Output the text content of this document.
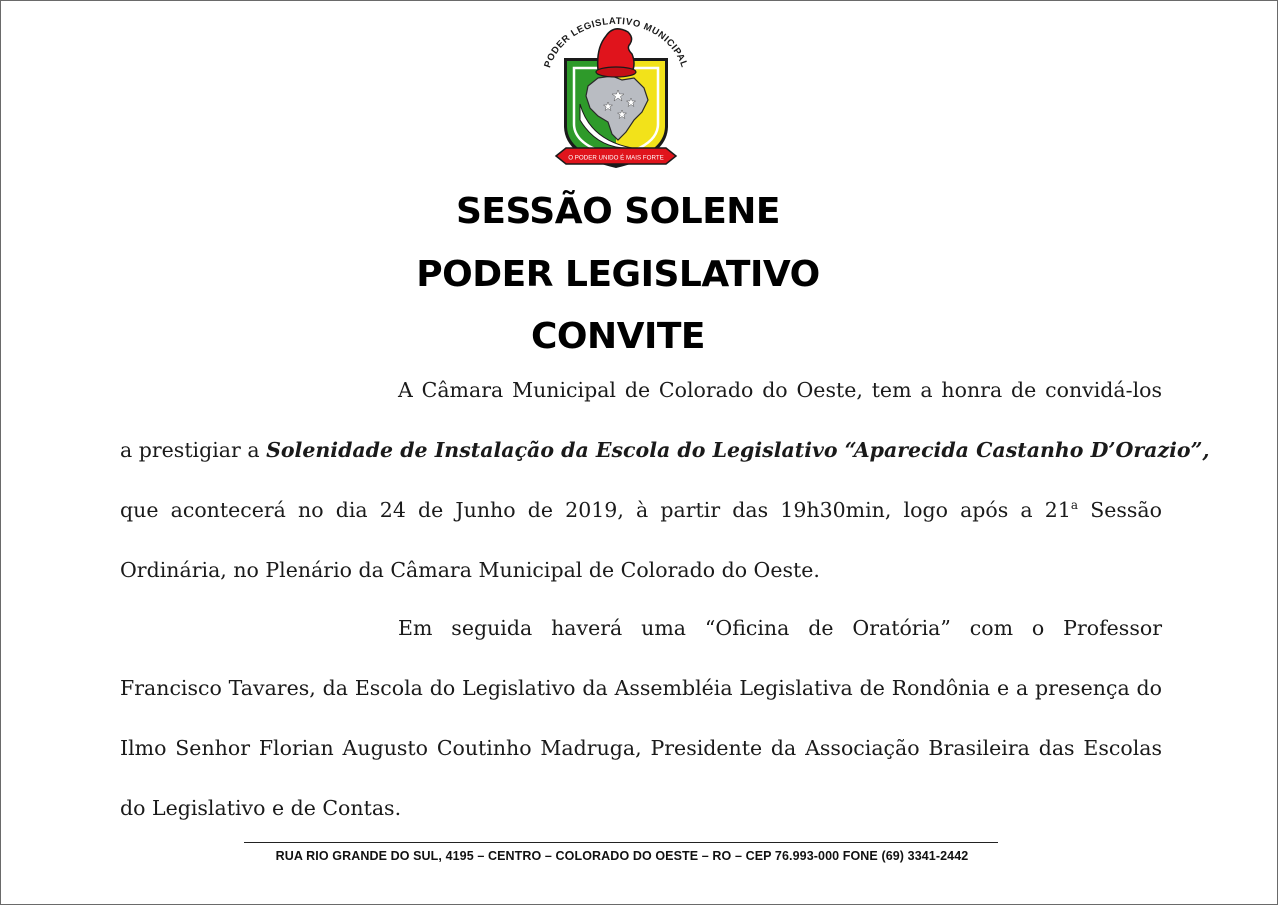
PODER LEGISLATIVO MUNICIPAL
O PODER UNIDO É MAIS FORTE
SESSÃO SOLENE
PODER LEGISLATIVO
CONVITE
A Câmara Municipal de Colorado do Oeste, tem a honra de convidá-los
a prestigiar a Solenidade de Instalação da Escola do Legislativo “Aparecida Castanho D’Orazio”,
que acontecerá no dia 24 de Junho de 2019, à partir das 19h30min, logo após a 21$^a$ Sessão
Ordinária, no Plenário da Câmara Municipal de Colorado do Oeste.
Em seguida haverá uma “Oficina de Oratória” com o Professor
Francisco Tavares, da Escola do Legislativo da Assembléia Legislativa de Rondônia e a presença do
Ilmo Senhor Florian Augusto Coutinho Madruga, Presidente da Associação Brasileira das Escolas
do Legislativo e de Contas.
RUA RIO GRANDE DO SUL, 4195 – CENTRO – COLORADO DO OESTE – RO – CEP 76.993-000 FONE (69) 3341-2442
